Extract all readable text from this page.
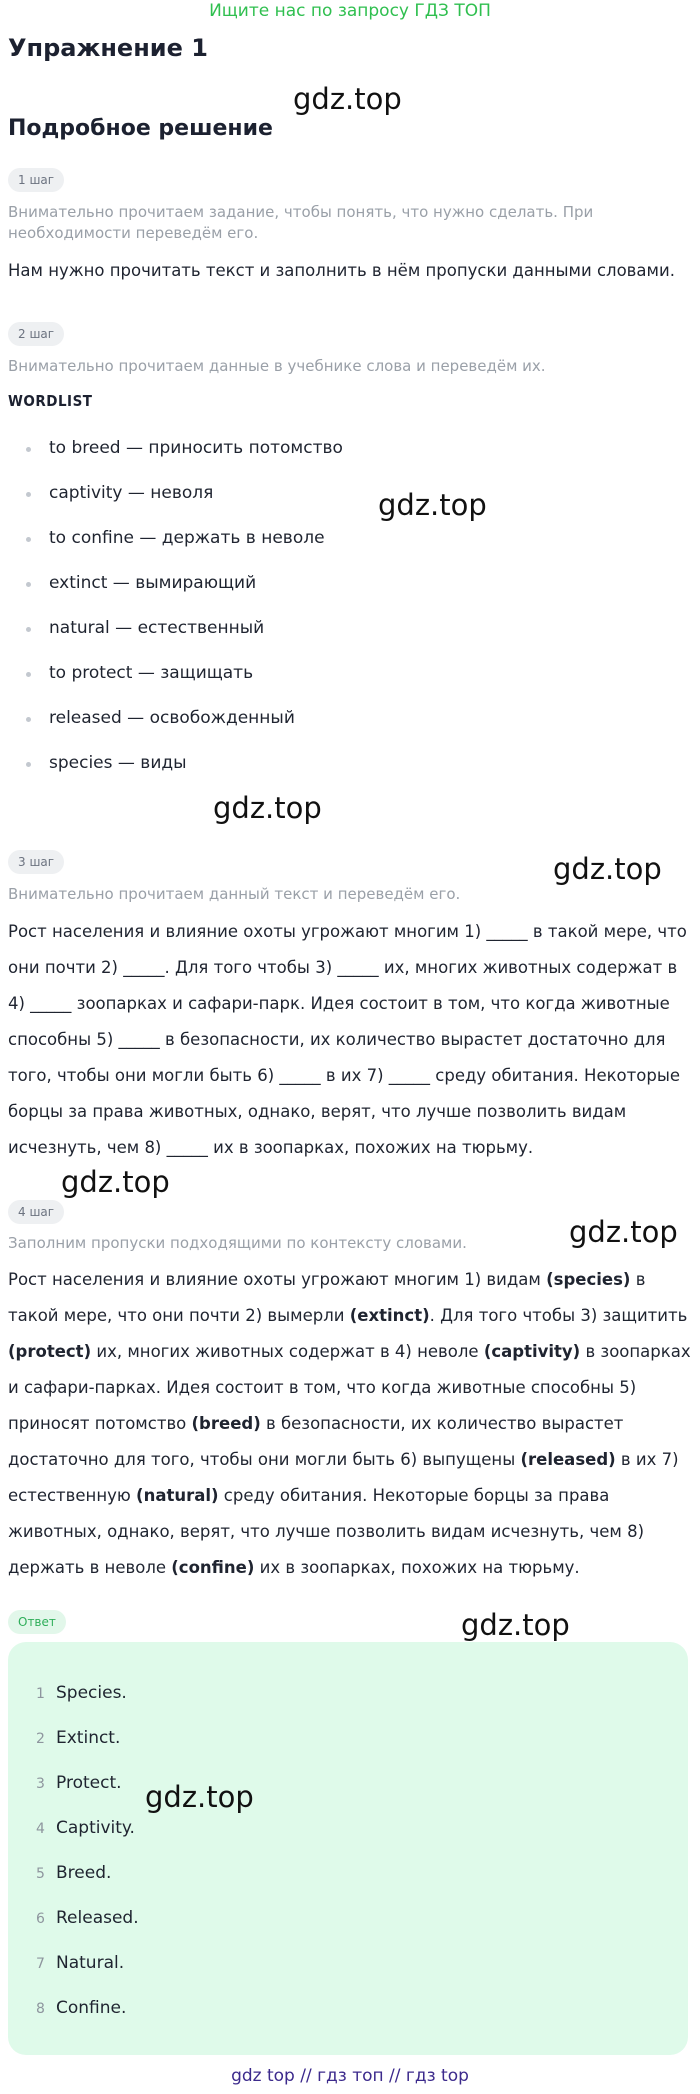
Ищите нас по запросу ГДЗ ТОП
Упражнение 1
Подробное решение
1 шаг
Внимательно прочитаем задание, чтобы понять, что нужно сделать. При необходимости переведём его.
Нам нужно прочитать текст и заполнить в нём пропуски данными словами.
2 шаг
Внимательно прочитаем данные в учебнике слова и переведём их.
WORDLIST
to breed — приносить потомство
captivity — неволя
to confine — держать в неволе
extinct — вымирающий
natural — естественный
to protect — защищать
released — освобожденный
species — виды
3 шаг
Внимательно прочитаем данный текст и переведём его.
Рост населения и влияние охоты угрожают многим 1) _____ в такой мере, что они почти 2) _____. Для того чтобы 3) _____ их, многих животных содержат в 4) _____ зоопарках и сафари-парк. Идея состоит в том, что когда животные способны 5) _____ в безопасности, их количество вырастет достаточно для того, чтобы они могли быть 6) _____ в их 7) _____ среду обитания. Некоторые борцы за права животных, однако, верят, что лучше позволить видам исчезнуть, чем 8) _____ их в зоопарках, похожих на тюрьму.
4 шаг
Заполним пропуски подходящими по контексту словами.
Рост населения и влияние охоты угрожают многим 1) видам (species) в такой мере, что они почти 2) вымерли (extinct). Для того чтобы 3) защитить (protect) их, многих животных содержат в 4) неволе (captivity) в зоопарках и сафари-парках. Идея состоит в том, что когда животные способны 5) приносят потомство (breed) в безопасности, их количество вырастет достаточно для того, чтобы они могли быть 6) выпущены (released) в их 7) естественную (natural) среду обитания. Некоторые борцы за права животных, однако, верят, что лучше позволить видам исчезнуть, чем 8) держать в неволе (confine) их в зоопарках, похожих на тюрьму.
Ответ
1 Species.
2 Extinct.
3 Protect.
4 Captivity.
5 Breed.
6 Released.
7 Natural.
8 Confine.
gdz.top
gdz.top
gdz.top
gdz.top
gdz.top
gdz.top
gdz.top
gdz.top
gdz top // гдз топ // гдз top
